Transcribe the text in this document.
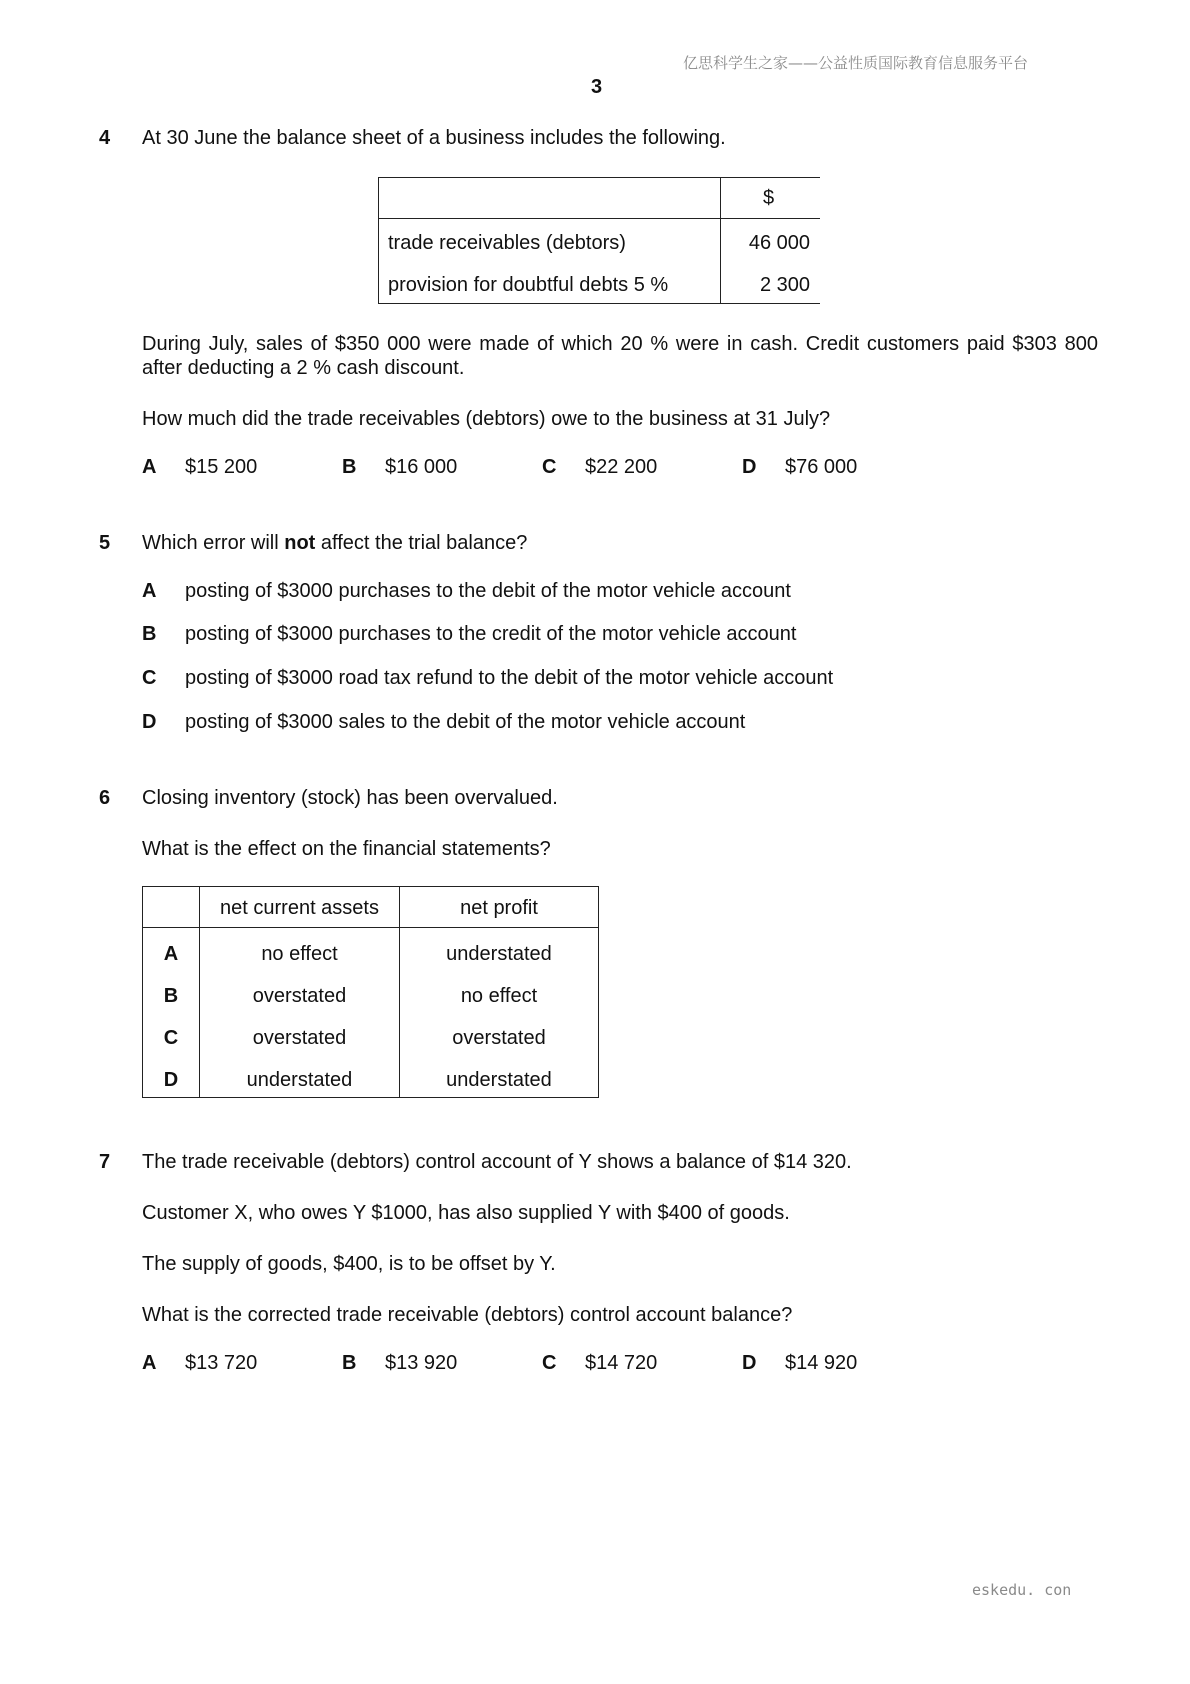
亿思科学生之家——公益性质国际教育信息服务平台
3
4 At 30 June the balance sheet of a business includes the following.
$
trade receivables (debtors)	46 000
provision for doubtful debts 5 %	2 300
During July, sales of $350 000 were made of which 20 % were in cash. Credit customers paid $303 800 after deducting a 2 % cash discount.
How much did the trade receivables (debtors) owe to the business at 31 July?
A	$15 200	B	$16 000	C	$22 200	D	$76 000
5 Which error will not affect the trial balance?
A	posting of $3000 purchases to the debit of the motor vehicle account
B	posting of $3000 purchases to the credit of the motor vehicle account
C	posting of $3000 road tax refund to the debit of the motor vehicle account
D	posting of $3000 sales to the debit of the motor vehicle account
6 Closing inventory (stock) has been overvalued.
What is the effect on the financial statements?
net current assets	net profit
A	no effect	understated
B	overstated	no effect
C	overstated	overstated
D	understated	understated
7 The trade receivable (debtors) control account of Y shows a balance of $14 320.
Customer X, who owes Y $1000, has also supplied Y with $400 of goods.
The supply of goods, $400, is to be offset by Y.
What is the corrected trade receivable (debtors) control account balance?
A	$13 720	B	$13 920	C	$14 720	D	$14 920
eskedu. con
